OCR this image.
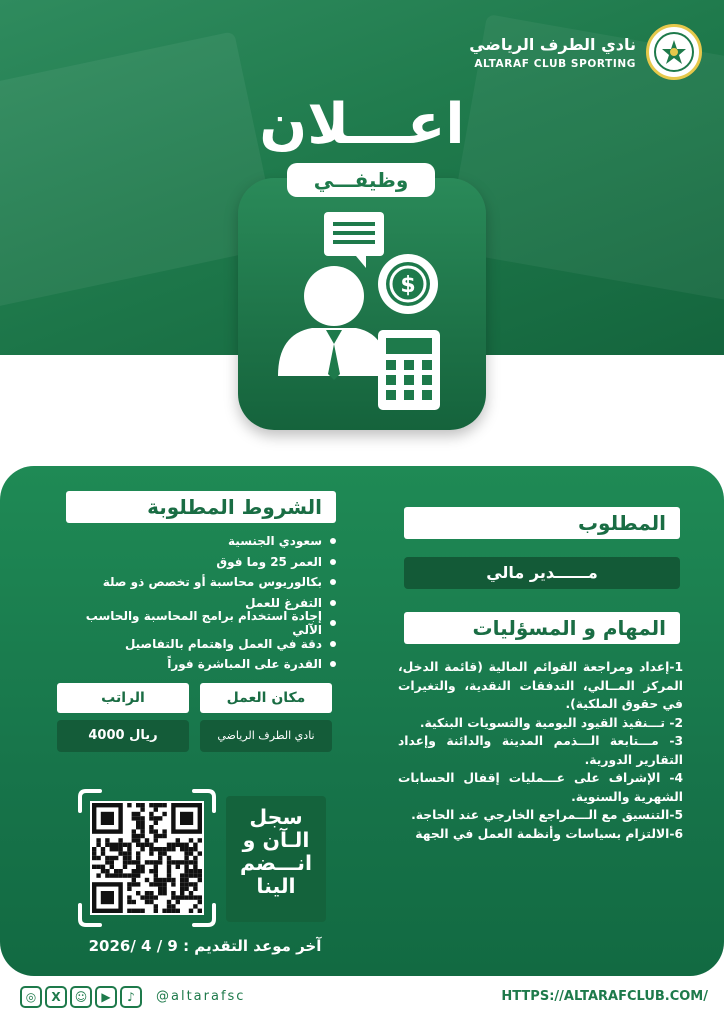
نادي الطرف الرياضي
ALTARAF CLUB SPORTING
اعـــلان
وظيفـــي
$
الشروط المطلوبة
سعودي الجنسية
العمر 25 وما فوق
بكالوريوس محاسبة أو تخصص ذو صلة
التفرغ للعمل
إجادة استخدام برامج المحاسبة والحاسب الآلي
دقة في العمل واهتمام بالتفاصيل
القدرة على المباشرة فوراً
المطلوب
مــــــدير مالي
المهام و المسؤليات
1-إعداد ومراجعة القوائم المالية (قائمة الدخل، المركز المــالي، التدفقات النقدية، والتغيرات في حقوق الملكية).
2- تـــنفيذ القيود اليومية والتسويات البنكية.
3- مـــتابعة الـــذمم المدينة والدائنة وإعداد التقارير الدورية.
4- الإشراف على عـــمليات إقفال الحسابات الشهرية والسنوية.
5-التنسيق مع الـــمراجع الخارجي عند الحاجة.
6-الالتزام بسياسات وأنظمة العمل في الجهة
الراتب	مكان العمل
4000 ريال	نادي الطرف الرياضي
سجل
الـآن و
انـــضم
الينا
آخر موعد التقديم : 9 / 4 /2026
◎	X	☺	▶	♪	@altarafsc	HTTPS://ALTARAFCLUB.COM/
